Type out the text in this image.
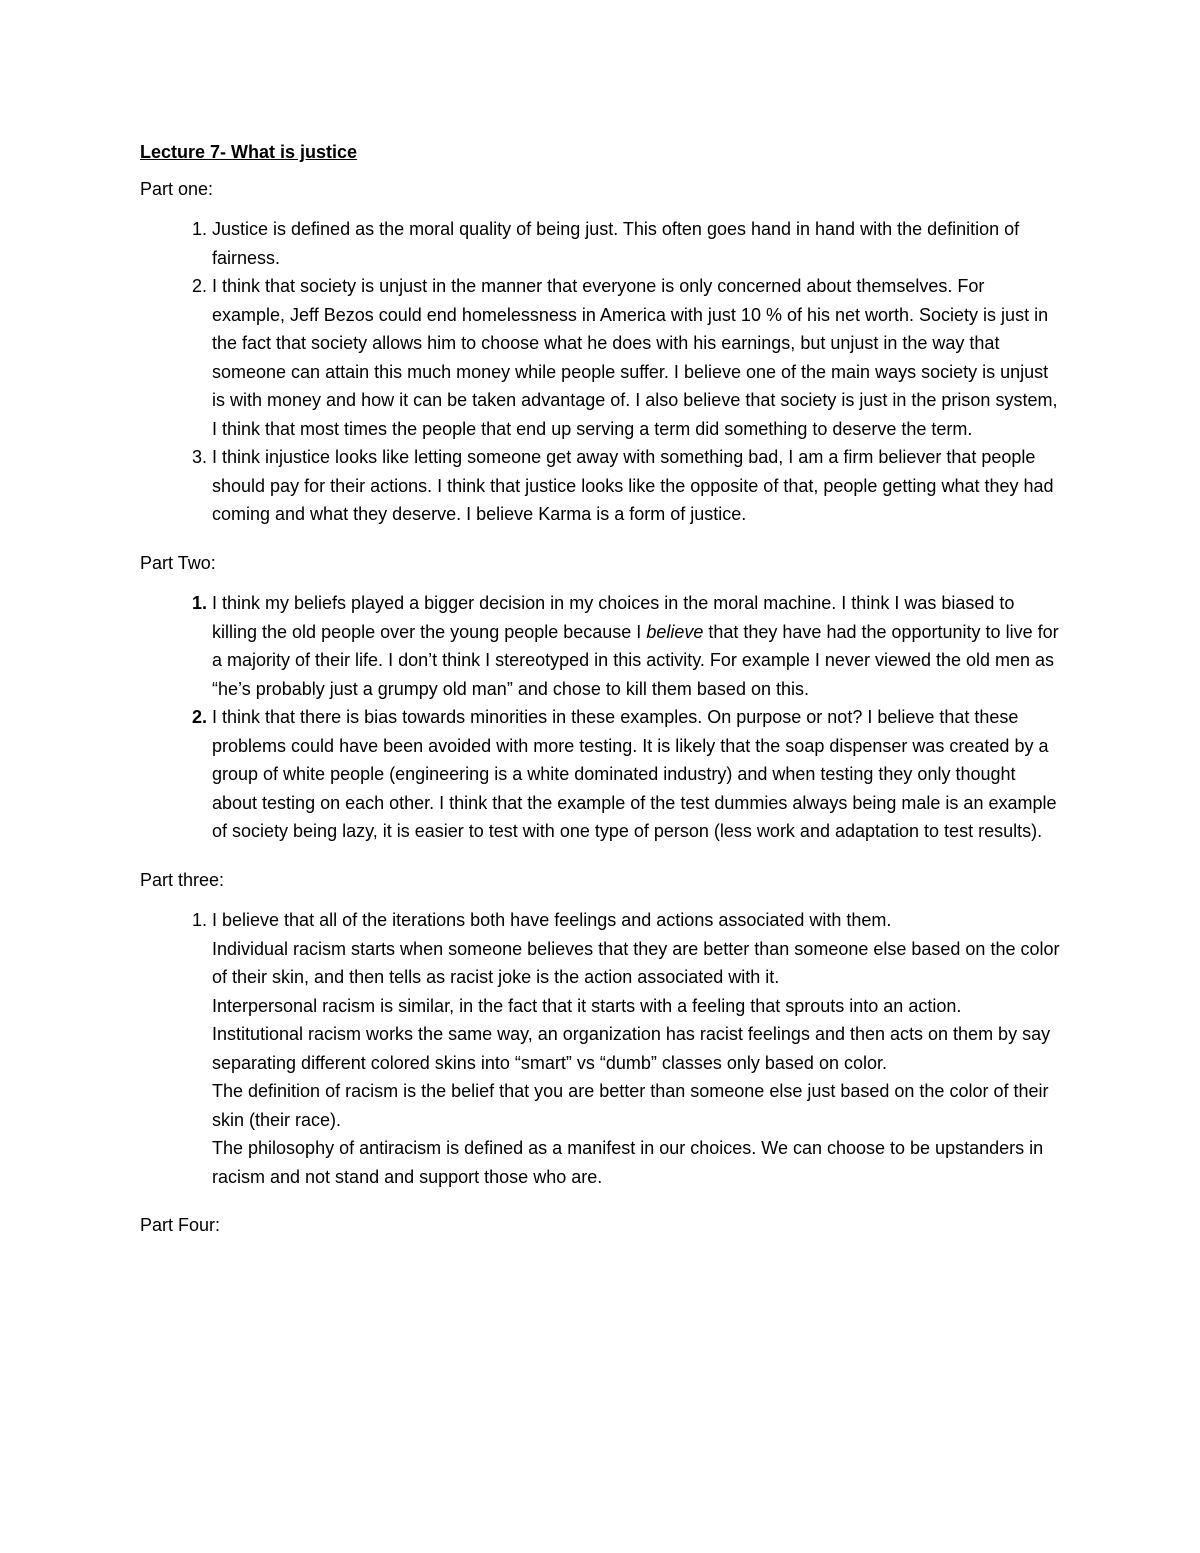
Lecture 7- What is justice

Part one:

1. Justice is defined as the moral quality of being just. This often goes hand in hand with the definition of fairness.
2. I think that society is unjust in the manner that everyone is only concerned about themselves. For example, Jeff Bezos could end homelessness in America with just 10 % of his net worth. Society is just in the fact that society allows him to choose what he does with his earnings, but unjust in the way that someone can attain this much money while people suffer. I believe one of the main ways society is unjust is with money and how it can be taken advantage of. I also believe that society is just in the prison system, I think that most times the people that end up serving a term did something to deserve the term.
3. I think injustice looks like letting someone get away with something bad, I am a firm believer that people should pay for their actions. I think that justice looks like the opposite of that, people getting what they had coming and what they deserve. I believe Karma is a form of justice.

Part Two:

1. I think my beliefs played a bigger decision in my choices in the moral machine. I think I was biased to killing the old people over the young people because I believe that they have had the opportunity to live for a majority of their life. I don’t think I stereotyped in this activity. For example I never viewed the old men as “he’s probably just a grumpy old man” and chose to kill them based on this.
2. I think that there is bias towards minorities in these examples. On purpose or not? I believe that these problems could have been avoided with more testing. It is likely that the soap dispenser was created by a group of white people (engineering is a white dominated industry) and when testing they only thought about testing on each other. I think that the example of the test dummies always being male is an example of society being lazy, it is easier to test with one type of person (less work and adaptation to test results).

Part three:

1. I believe that all of the iterations both have feelings and actions associated with them.

Individual racism starts when someone believes that they are better than someone else based on the color of their skin, and then tells as racist joke is the action associated with it.

Interpersonal racism is similar, in the fact that it starts with a feeling that sprouts into an action.

Institutional racism works the same way, an organization has racist feelings and then acts on them by say separating different colored skins into “smart” vs “dumb” classes only based on color.

The definition of racism is the belief that you are better than someone else just based on the color of their skin (their race).

The philosophy of antiracism is defined as a manifest in our choices. We can choose to be upstanders in racism and not stand and support those who are.

Part Four:
